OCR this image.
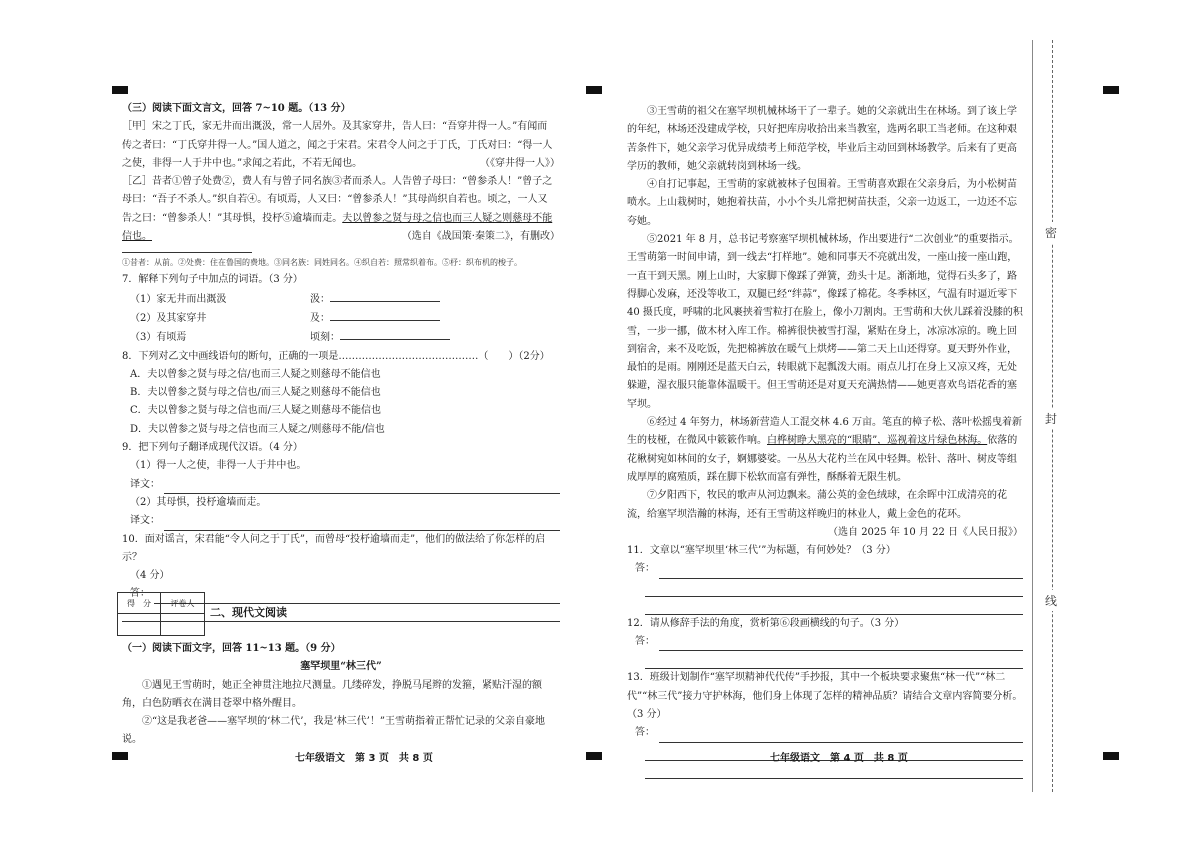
（三）阅读下面文言文，回答 7~10 题。（13 分）

［甲］宋之丁氏，家无井而出溉汲，常一人居外。及其家穿井，告人曰：“吾穿井得一人。”有闻而

传之者曰：“丁氏穿井得一人。”国人道之，闻之于宋君。宋君令人问之于丁氏，丁氏对曰：“得一人

之使，非得一人于井中也。”求闻之若此，不若无闻也。	（《穿井得一人》）

［乙］昔者①曾子处费②，费人有与曾子同名族③者而杀人。人告曾子母曰：“曾参杀人！”曾子之

母曰：“吾子不杀人。”织自若④。有顷焉，人又曰：“曾参杀人！”其母尚织自若也。顷之，一人又

告之曰：“曾参杀人！”其母惧，投杼⑤逾墙而走。夫以曾参之贤与母之信也而三人疑之则慈母不能

信也。	（选自《战国策·秦策二》，有删改）

①昔者：从前。②处费：住在鲁国的费地。③同名族：同姓同名。④织自若：照常织着布。⑤杼：织布机的梭子。

7．解释下列句子中加点的词语。（3 分）

（1）家无井而出溉汲	汲：

（2）及其家穿井	及：

（3）有顷焉	顷刻：

8．下列对乙文中画线语句的断句，正确的一项是……………………………………（　　）（2分）

A．夫以曾参之贤与母之信/也而三人疑之则慈母不能信也

B．夫以曾参之贤与母之信也/而三人疑之则慈母不能信也

C．夫以曾参之贤与母之信也而/三人疑之则慈母不能信也

D．夫以曾参之贤与母之信也而三人疑之/则慈母不能/信也

9．把下列句子翻译成现代汉语。（4 分）

（1）得一人之使，非得一人于井中也。

译文：

（2）其母惧，投杼逾墙而走。

译文：

10．面对谣言，宋君能“令人问之于丁氏”，而曾母“投杼逾墙而走”，他们的做法给了你怎样的启示？

（4 分）

答：
得　分	评卷人
二、现代文阅读

（一）阅读下面文字，回答 11~13 题。（9 分）

塞罕坝里“林三代”

①遇见王雪萌时，她正全神贯注地拉尺测量。几缕碎发，挣脱马尾辫的发箍，紧贴汗湿的额角，白色防晒衣在满目苍翠中格外醒目。

②“这是我老爸——塞罕坝的‘林二代’，我是‘林三代’！”王雪萌指着正帮忙记录的父亲自豪地说。

七年级语文　第 3 页　共 8 页

③王雪萌的祖父在塞罕坝机械林场干了一辈子。她的父亲就出生在林场。到了该上学的年纪，林场还没建成学校，只好把库房收拾出来当教室，选两名职工当老师。在这种艰苦条件下，她父亲学习优异成绩考上师范学校，毕业后主动回到林场教学。后来有了更高学历的教师，她父亲就转岗到林场一线。

④自打记事起，王雪萌的家就被林子包围着。王雪萌喜欢跟在父亲身后，为小松树苗喷水。上山栽树时，她抱着扶苗，小小个头儿常把树苗扶歪，父亲一边返工，一边还不忘夸她。

⑤2021 年 8 月，总书记考察塞罕坝机械林场，作出要进行“二次创业”的重要指示。王雪萌第一时间申请，到一线去“打样地”。她和同事天不亮就出发，一座山接一座山跑，一直干到天黑。刚上山时，大家脚下像踩了弹簧，劲头十足。渐渐地，觉得石头多了，路得脚心发麻，还没等收工，双腿已经“绊蒜”，像踩了棉花。冬季林区，气温有时逼近零下 40 摄氏度，呼啸的北风裹挟着雪粒打在脸上，像小刀割肉。王雪萌和大伙儿踩着没膝的积雪，一步一挪，做木材入库工作。棉裤很快被雪打湿，紧贴在身上，冰凉冰凉的。晚上回到宿舍，来不及吃饭，先把棉裤放在暖气上烘烤——第二天上山还得穿。夏天野外作业，最怕的是雨。刚刚还是蓝天白云，转眼就下起瓢泼大雨。雨点儿打在身上又凉又疼，无处躲避，湿衣服只能靠体温暖干。但王雪萌还是对夏天充满热情——她更喜欢鸟语花香的塞罕坝。

⑥经过 4 年努力，林场新营造人工混交林 4.6 万亩。笔直的樟子松、落叶松摇曳着新生的枝桠，在微风中簌簌作响。白桦树睁大黑亮的“眼睛”，巡视着这片绿色林海。依落的花楸树宛如林间的女子，婀娜婆娑。一丛丛大花杓兰在风中轻舞。松针、落叶、树皮等组成厚厚的腐殖质，踩在脚下松软而富有弹性，酥酥着无限生机。

⑦夕阳西下，牧民的歌声从河边飘来。蒲公英的金色绒球，在余晖中江成清亮的花流，给塞罕坝浩瀚的林海，还有王雪萌这样晚归的林业人，戴上金色的花环。

（选自 2025 年 10 月 22 日《人民日报》）

11．文章以“塞罕坝里‘林三代’”为标题，有何妙处？（3 分）

答：

12．请从修辞手法的角度，赏析第⑥段画横线的句子。（3 分）

答：

13．班级计划制作“塞罕坝精神代代传”手抄报，其中一个板块要求聚焦“林一代”“林二代”“林三代”接力守护林海，他们身上体现了怎样的精神品质？请结合文章内容简要分析。（3 分）

答：
七年级语文　第 4 页　共 8 页
密
封
线
